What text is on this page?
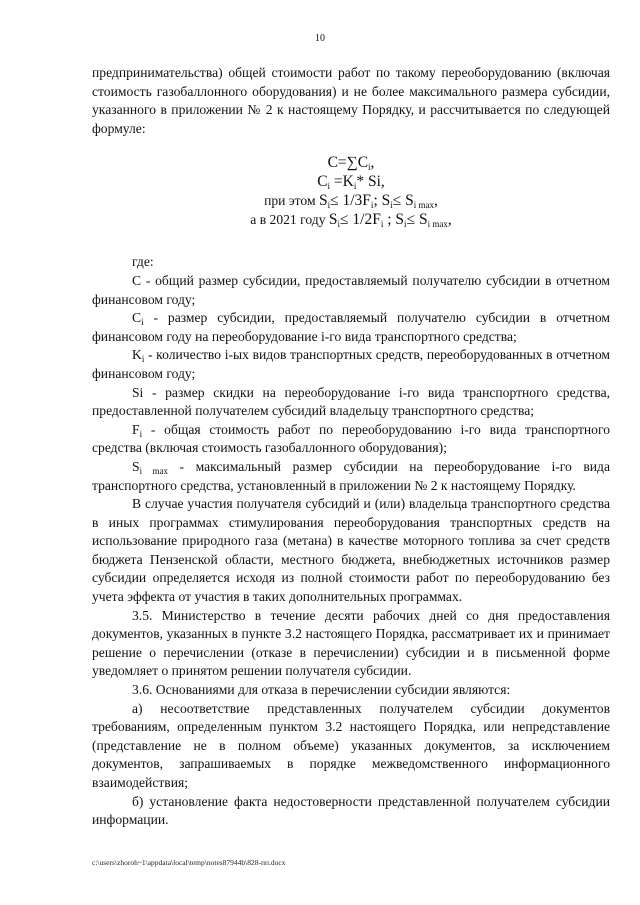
10

предпринимательства) общей стоимости работ по такому переоборудованию (включая стоимость газобаллонного оборудования) и не более максимального размера субсидии, указанного в приложении № 2 к настоящему Порядку, и рассчитывается по следующей формуле:

$C=\sum C_i$,
$C_i =K_i*$ Si,
при этом $S_i\le 1/3F_i$; $S_i\le S_{i max}$,
а в 2021 году $S_i\le 1/2F_i$ ; $S_i\le S_{i max}$,

где:

C - общий размер субсидии, предоставляемый получателю субсидии в отчетном финансовом году;

$C_i$ - размер субсидии, предоставляемый получателю субсидии в отчетном финансовом году на переоборудование i-го вида транспортного средства;

$K_i$ - количество i-ых видов транспортных средств, переоборудованных в отчетном финансовом году;

Si - размер скидки на переоборудование i-го вида транспортного средства, предоставленной получателем субсидий владельцу транспортного средства;

$F_i$ - общая стоимость работ по переоборудованию i-го вида транспортного средства (включая стоимость газобаллонного оборудования);

$S_{i max}$ - максимальный размер субсидии на переоборудование i-го вида транспортного средства, установленный в приложении № 2 к настоящему Порядку.

В случае участия получателя субсидий и (или) владельца транспортного средства в иных программах стимулирования переоборудования транспортных средств на использование природного газа (метана) в качестве моторного топлива за счет средств бюджета Пензенской области, местного бюджета, внебюджетных источников размер субсидии определяется исходя из полной стоимости работ по переоборудованию без учета эффекта от участия в таких дополнительных программах.

3.5. Министерство в течение десяти рабочих дней со дня предоставления документов, указанных в пункте 3.2 настоящего Порядка, рассматривает их и принимает решение о перечислении (отказе в перечислении) субсидии и в письменной форме уведомляет о принятом решении получателя субсидии.

3.6. Основаниями для отказа в перечислении субсидии являются:

а) несоответствие представленных получателем субсидии документов требованиям, определенным пунктом 3.2 настоящего Порядка, или непредставление (представление не в полном объеме) указанных документов, за исключением документов, запрашиваемых в порядке межведомственного информационного взаимодействия;

б) установление факта недостоверности представленной получателем субсидии информации.

c:\users\zhoroh~1\appdata\local\temp\notes87944b\828-пп.docx
